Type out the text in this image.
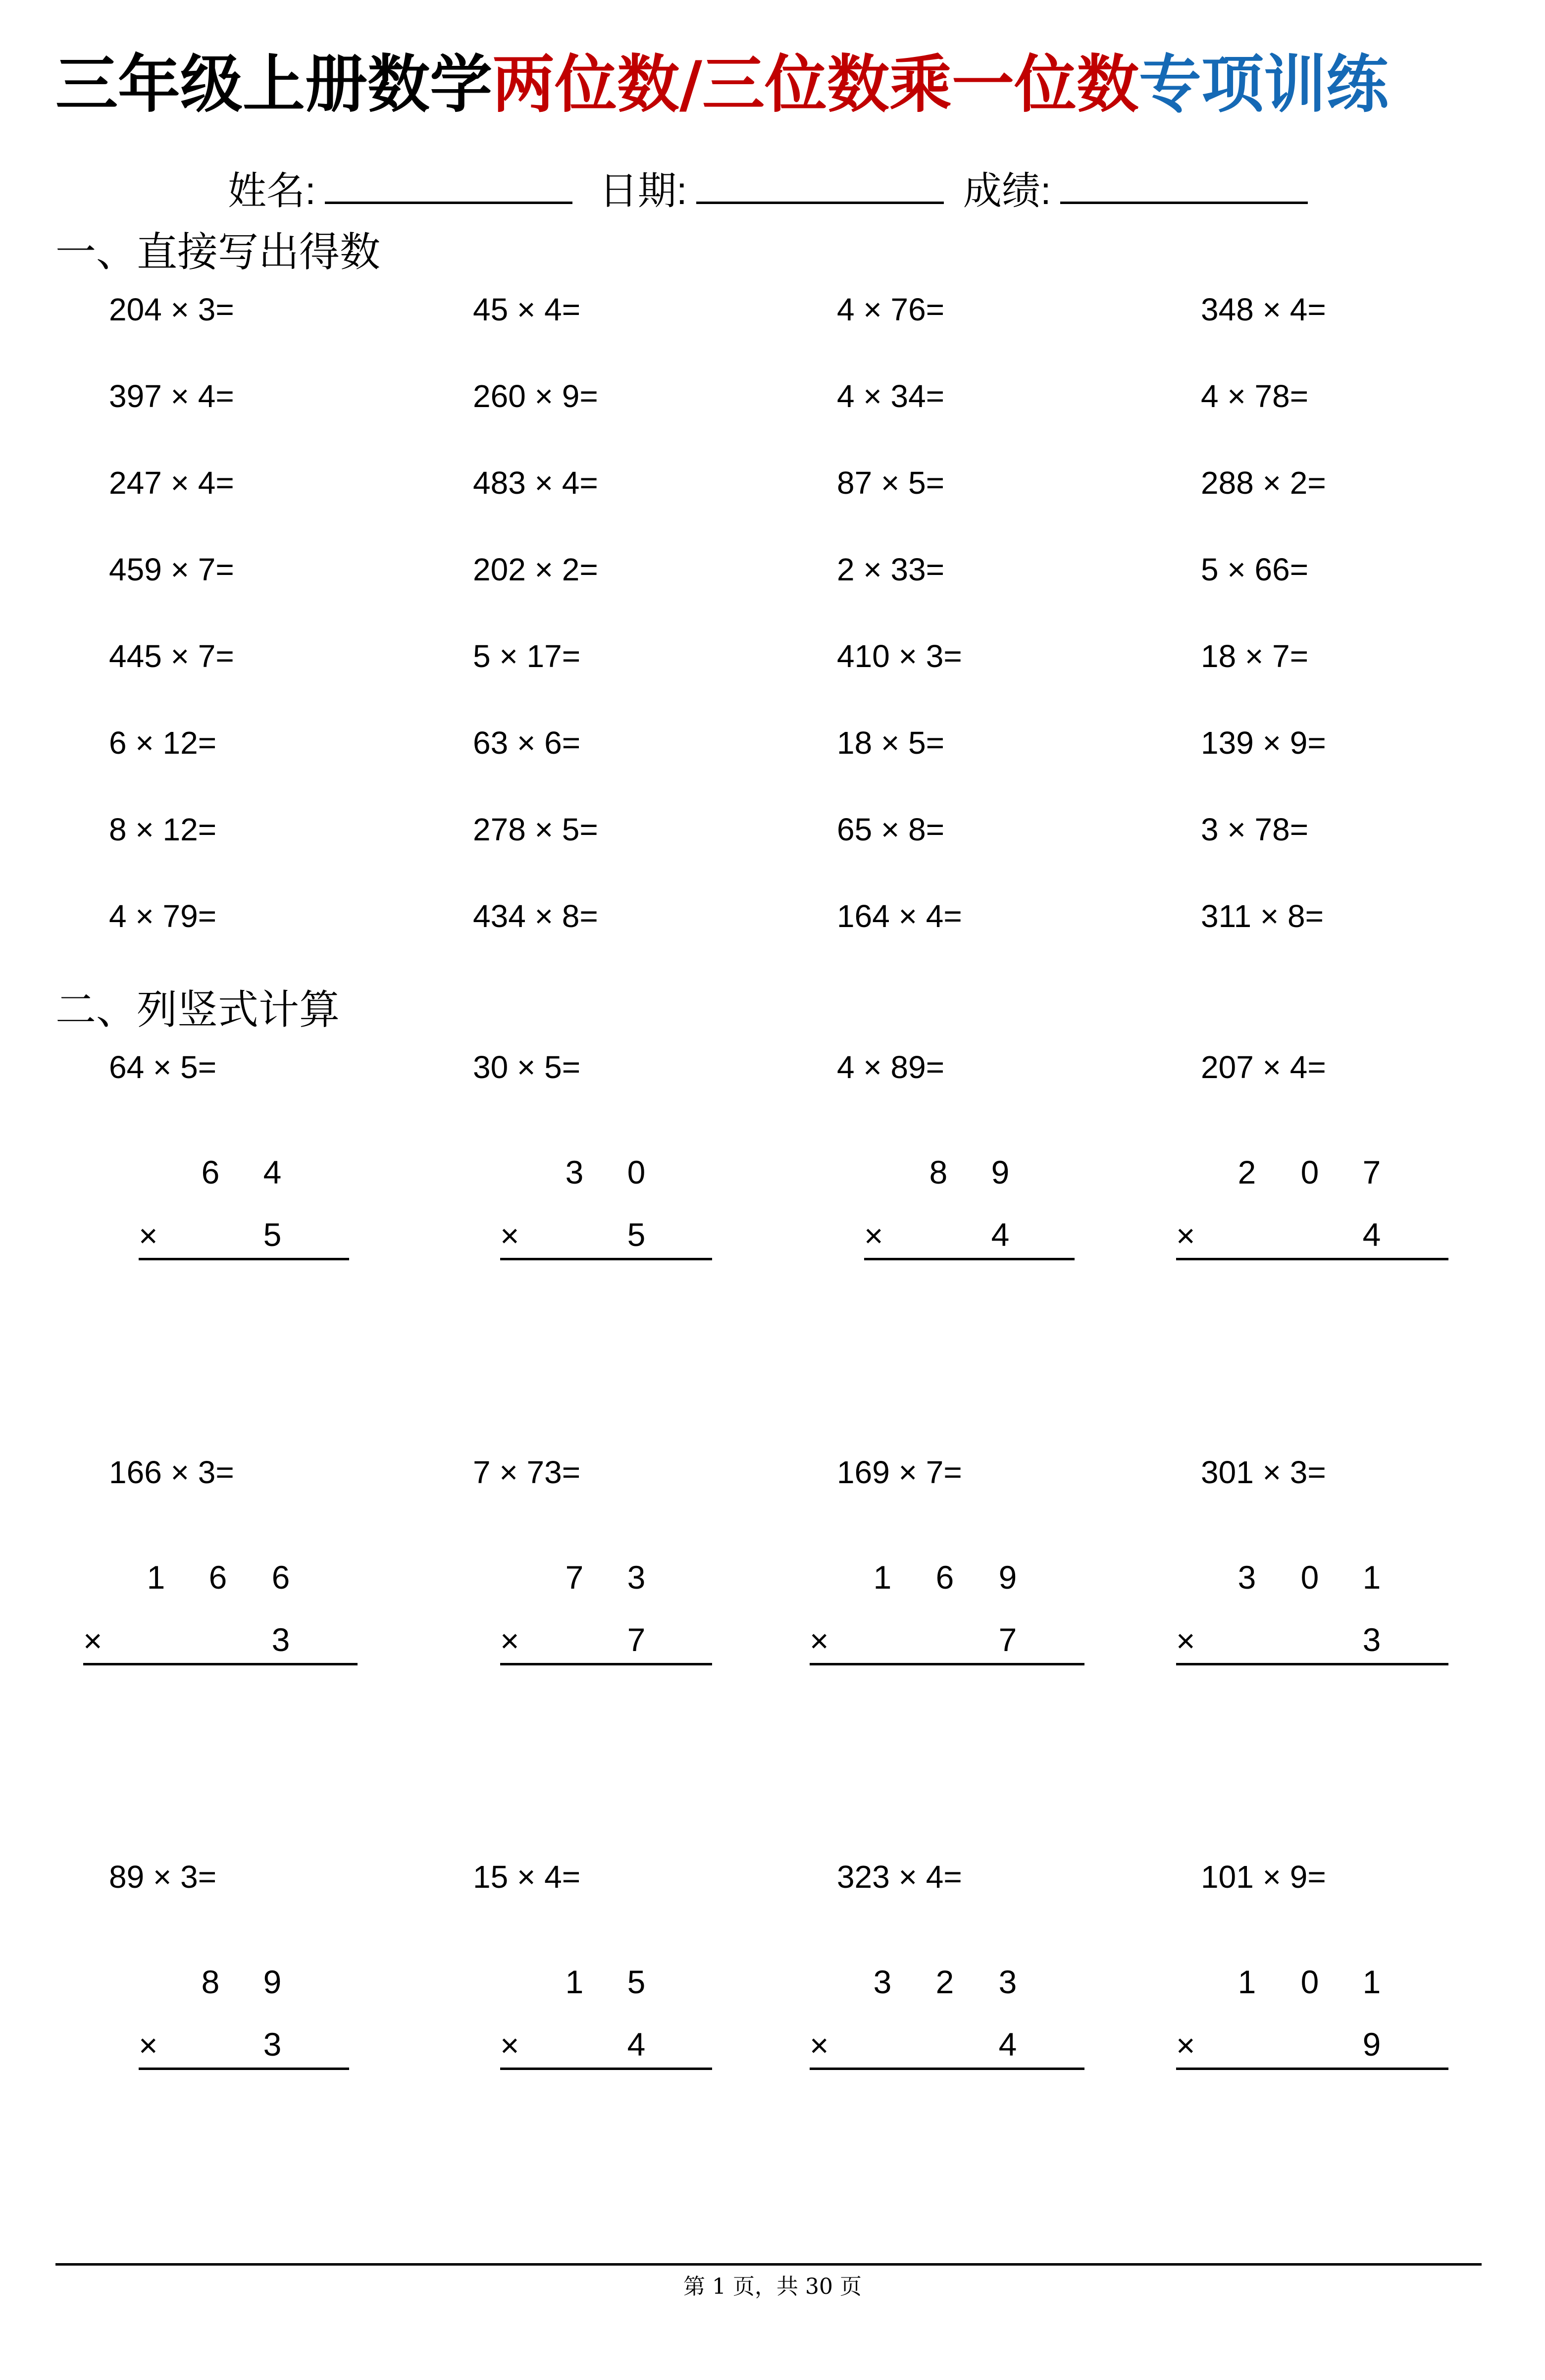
三年级上册数学两位数/三位数乘一位数专项训练
姓名:	日期:	成绩:
一、直接写出得数
204 × 3=	45 × 4=	4 × 76=	348 × 4=
397 × 4=	260 × 9=	4 × 34=	4 × 78=
247 × 4=	483 × 4=	87 × 5=	288 × 2=
459 × 7=	202 × 2=	2 × 33=	5 × 66=
445 × 7=	5 × 17=	410 × 3=	18 × 7=
6 × 12=	63 × 6=	18 × 5=	139 × 9=
8 × 12=	278 × 5=	65 × 8=	3 × 78=
4 × 79=	434 × 8=	164 × 4=	311 × 8=
二、列竖式计算
64 × 5=
6 4
×	5
30 × 5=
3 0
×	5
4 × 89=
8 9
×	4
207 × 4=
2 0 7
×	4
166 × 3=
1 6 6
×	3
7 × 73=
7 3
×	7
169 × 7=
1 6 9
×	7
301 × 3=
3 0 1
×	3
89 × 3=
8 9
×	3
15 × 4=
1 5
×	4
323 × 4=
3 2 3
×	4
101 × 9=
1 0 1
×	9
第 1 页，共 30 页
